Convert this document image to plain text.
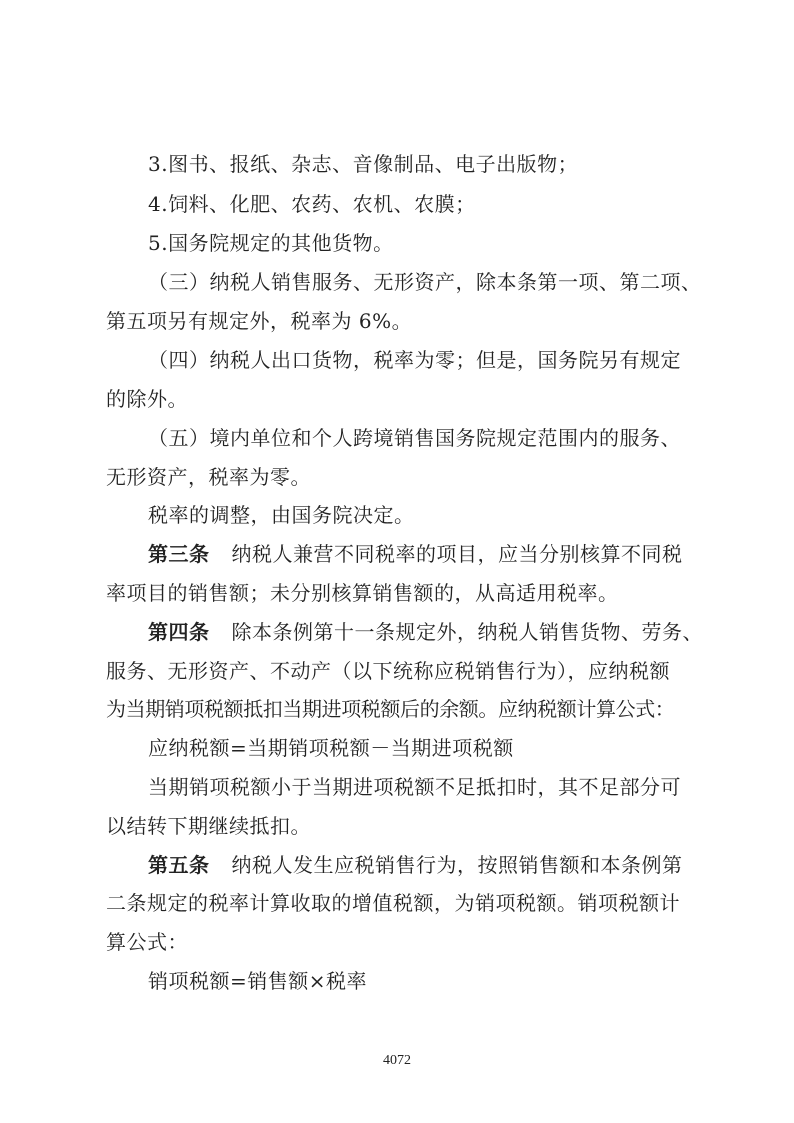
3.图书、报纸、杂志、音像制品、电子出版物；
4.饲料、化肥、农药、农机、农膜；
5.国务院规定的其他货物。
（三）纳税人销售服务、无形资产，除本条第一项、第二项、
第五项另有规定外，税率为 6%。
（四）纳税人出口货物，税率为零；但是，国务院另有规定
的除外。
（五）境内单位和个人跨境销售国务院规定范围内的服务、
无形资产，税率为零。
税率的调整，由国务院决定。
第三条 纳税人兼营不同税率的项目，应当分别核算不同税
率项目的销售额；未分别核算销售额的，从高适用税率。
第四条 除本条例第十一条规定外，纳税人销售货物、劳务、
服务、无形资产、不动产（以下统称应税销售行为），应纳税额
为当期销项税额抵扣当期进项税额后的余额。应纳税额计算公式：
应纳税额=当期销项税额－当期进项税额
当期销项税额小于当期进项税额不足抵扣时，其不足部分可
以结转下期继续抵扣。
第五条 纳税人发生应税销售行为，按照销售额和本条例第
二条规定的税率计算收取的增值税额，为销项税额。销项税额计
算公式：
销项税额=销售额×税率
4072
